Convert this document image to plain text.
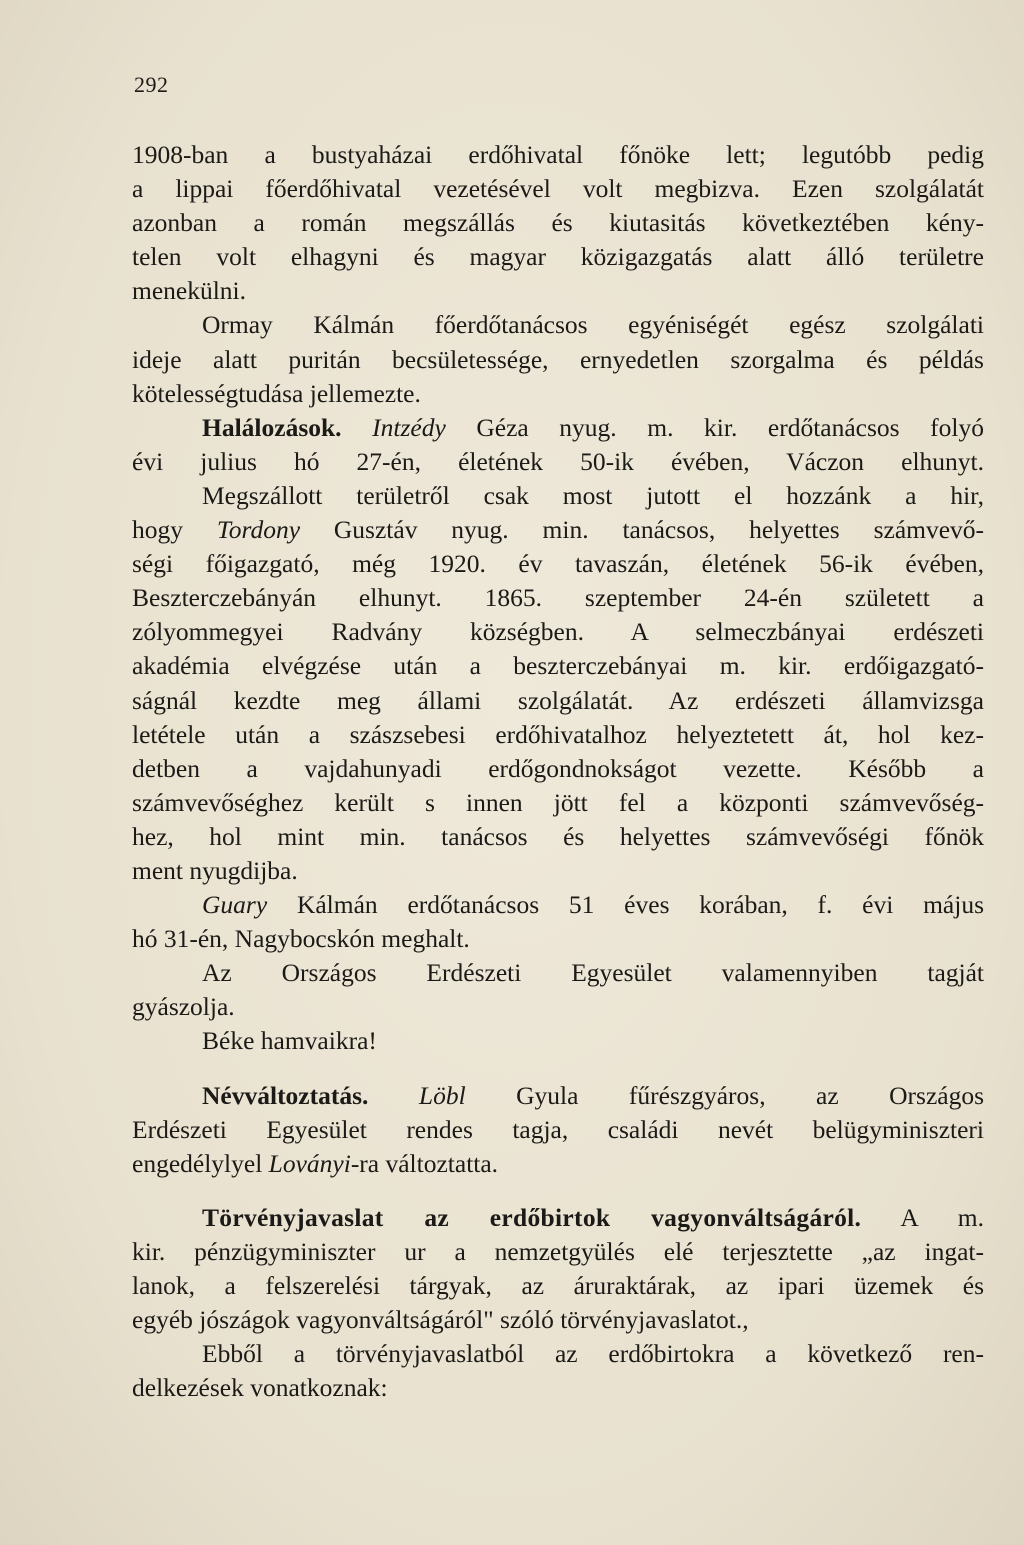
292
1908-ban a bustyaházai erdőhivatal főnöke lett; legutóbb pedig
a lippai főerdőhivatal vezetésével volt megbizva. Ezen szolgálatát
azonban a román megszállás és kiutasitás következtében kény-
telen volt elhagyni és magyar közigazgatás alatt álló területre
menekülni.
Ormay Kálmán főerdőtanácsos egyéniségét egész szolgálati
ideje alatt puritán becsületessége, ernyedetlen szorgalma és példás
kötelességtudása jellemezte.
Halálozások. Intzédy Géza nyug. m. kir. erdőtanácsos folyó
évi julius hó 27-én, életének 50-ik évében, Váczon elhunyt.
Megszállott területről csak most jutott el hozzánk a hir,
hogy Tordony Gusztáv nyug. min. tanácsos, helyettes számvevő-
ségi főigazgató, még 1920. év tavaszán, életének 56-ik évében,
Beszterczebányán elhunyt. 1865. szeptember 24-én született a
zólyommegyei Radvány községben. A selmeczbányai erdészeti
akadémia elvégzése után a beszterczebányai m. kir. erdőigazgató-
ságnál kezdte meg állami szolgálatát. Az erdészeti államvizsga
letétele után a szászsebesi erdőhivatalhoz helyeztetett át, hol kez-
detben a vajdahunyadi erdőgondnokságot vezette. Később a
számvevőséghez került s innen jött fel a központi számvevőség-
hez, hol mint min. tanácsos és helyettes számvevőségi főnök
ment nyugdijba.
Guary Kálmán erdőtanácsos 51 éves korában, f. évi május
hó 31-én, Nagybocskón meghalt.
Az Országos Erdészeti Egyesület valamennyiben tagját
gyászolja.
Béke hamvaikra!
Névváltoztatás. Löbl Gyula fűrészgyáros, az Országos
Erdészeti Egyesület rendes tagja, családi nevét belügyminiszteri
engedélylyel Loványi-ra változtatta.
Törvényjavaslat az erdőbirtok vagyonváltságáról. A m.
kir. pénzügyminiszter ur a nemzetgyülés elé terjesztette „az ingat-
lanok, a felszerelési tárgyak, az áruraktárak, az ipari üzemek és
egyéb jószágok vagyonváltságáról" szóló törvényjavaslatot.,
Ebből a törvényjavaslatból az erdőbirtokra a következő ren-
delkezések vonatkoznak:
